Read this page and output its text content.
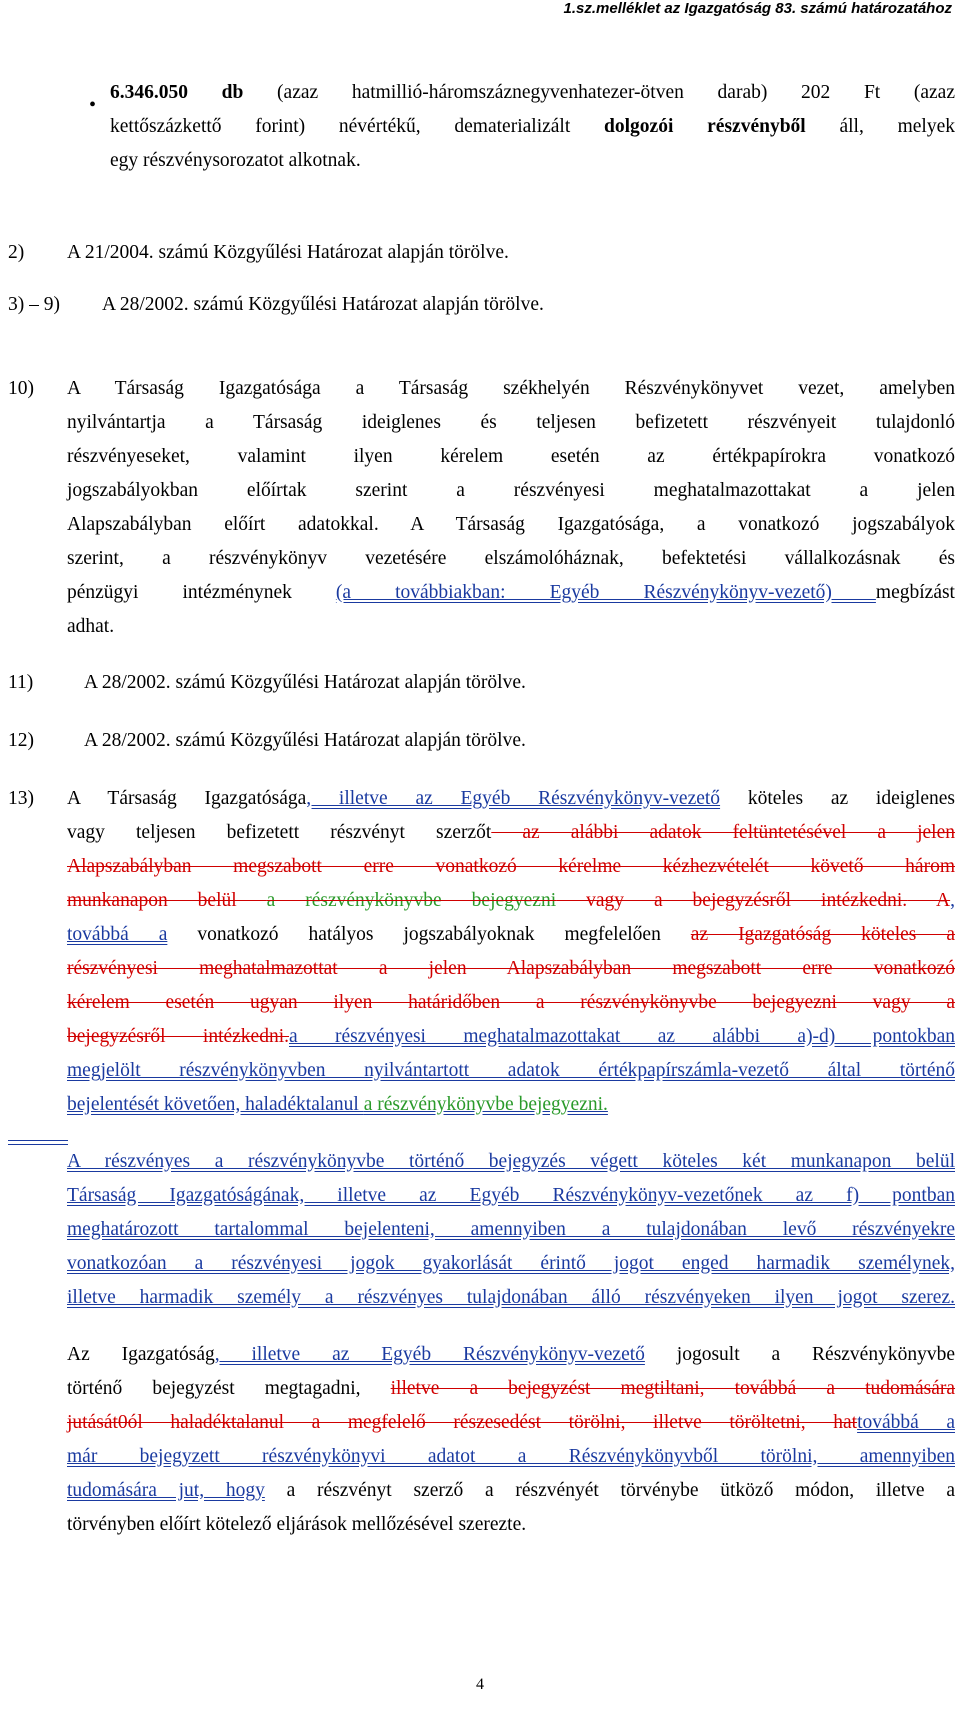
1.sz.melléklet az Igazgatóság 83. számú határozatához
•
6.346.050 db (azaz hatmillió-háromszáznegyvenhatezer-ötven darab) 202 Ft (azaz
kettőszázkettő forint) névértékű, dematerializált dolgozói részvényből áll, melyek
egy részvénysorozatot alkotnak.
2) A 21/2004. számú Közgyűlési Határozat alapján törölve.
3) – 9) A 28/2002. számú Közgyűlési Határozat alapján törölve.
10) A Társaság Igazgatósága a Társaság székhelyén Részvénykönyvet vezet, amelyben
nyilvántartja a Társaság ideiglenes és teljesen befizetett részvényeit tulajdonló
részvényeseket, valamint ilyen kérelem esetén az értékpapírokra vonatkozó
jogszabályokban előírtak szerint a részvényesi meghatalmazottakat a jelen
Alapszabályban előírt adatokkal. A Társaság Igazgatósága, a vonatkozó jogszabályok
szerint, a részvénykönyv vezetésére elszámolóháznak, befektetési vállalkozásnak és
pénzügyi intézménynek (a továbbiakban: Egyéb Részvénykönyv-vezető) megbízást
adhat.
11)	A 28/2002. számú Közgyűlési Határozat alapján törölve.
12)	A 28/2002. számú Közgyűlési Határozat alapján törölve.
13) A Társaság Igazgatósága, illetve az Egyéb Részvénykönyv-vezető köteles az ideiglenes
vagy teljesen befizetett részvényt szerzőt az alábbi adatok feltüntetésével a jelen
Alapszabályban megszabott erre vonatkozó kérelme kézhezvételét követő három
munkanapon belül a részvénykönyvbe bejegyezni vagy a bejegyzésről intézkedni. A,
továbbá a vonatkozó hatályos jogszabályoknak megfelelően az Igazgatóság köteles a
részvényesi meghatalmazottat a jelen Alapszabályban megszabott erre vonatkozó
kérelem esetén ugyan ilyen határidőben a részvénykönyvbe bejegyezni vagy a
bejegyzésről intézkedni.a részvényesi meghatalmazottakat az alábbi a)-d) pontokban
megjelölt részvénykönyvben nyilvántartott adatok értékpapírszámla-vezető által történő
bejelentését követően, haladéktalanul a részvénykönyvbe bejegyezni.
A részvényes a részvénykönyvbe történő bejegyzés végett köteles két munkanapon belül
Társaság Igazgatóságának, illetve az Egyéb Részvénykönyv-vezetőnek az f) pontban
meghatározott tartalommal bejelenteni, amennyiben a tulajdonában levő részvényekre
vonatkozóan a részvényesi jogok gyakorlását érintő jogot enged harmadik személynek,
illetve harmadik személy a részvényes tulajdonában álló részvényeken ilyen jogot szerez.
Az Igazgatóság, illetve az Egyéb Részvénykönyv-vezető jogosult a Részvénykönyvbe
történő bejegyzést megtagadni, illetve a bejegyzést megtiltani, továbbá a tudomására
jutását0ól haladéktalanul a megfelelő részesedést törölni, illetve töröltetni, hattovábbá a
már bejegyzett részvénykönyvi adatot a Részvénykönyvből törölni, amennyiben
tudomására jut, hogy a részvényt szerző a részvényét törvénybe ütköző módon, illetve a
törvényben előírt kötelező eljárások mellőzésével szerezte.
4
